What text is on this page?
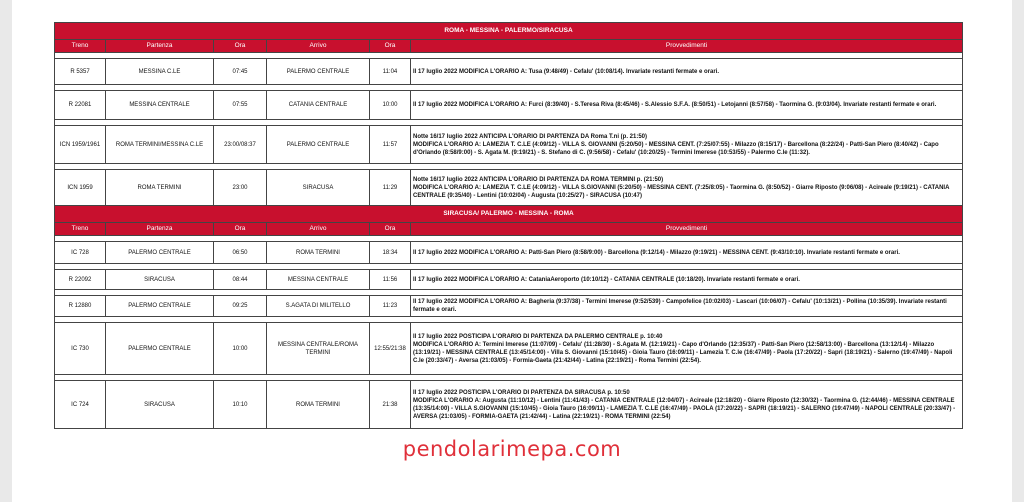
ROMA - MESSINA - PALERMO/SIRACUSA					
Treno	Partenza	Ora	Arrivo	Ora	Provvedimenti

R 5357	MESSINA C.LE	07:45	PALERMO CENTRALE	11:04	Il 17 luglio 2022 MODIFICA L'ORARIO A: Tusa (9:48/49) - Cefalu' (10:08/14). Invariate restanti fermate e orari.

R 22081	MESSINA CENTRALE	07:55	CATANIA CENTRALE	10:00	Il 17 luglio 2022 MODIFICA L'ORARIO A: Furci (8:39/40) - S.Teresa Riva (8:45/46) - S.Alessio S.F.A. (8:50/51) - Letojanni (8:57/58) - Taormina G. (9:03/04). Invariate restanti fermate e orari.

ICN 1959/1961	ROMA TERMINI/MESSINA C.LE	23:00/08:37	PALERMO CENTRALE	11:57	Notte 16/17 luglio 2022 ANTICIPA L'ORARIO DI PARTENZA DA Roma T.ni (p. 21:50)
MODIFICA L'ORARIO A: LAMEZIA T. C.LE (4:09/12) - VILLA S. GIOVANNI (5:20/50) - MESSINA CENT. (7:25/07:55) - Milazzo (8:15/17) - Barcellona (8:22/24) - Patti-San Piero (8:40/42) - Capo d'Orlando (8:58/9:00) - S. Agata M. (9:19/21) - S. Stefano di C. (9:56/58) - Cefalu' (10:20/25) - Termini Imerese (10:53/55) - Palermo C.le (11:32).

ICN 1959	ROMA TERMINI	23:00	SIRACUSA	11:29	Notte 16/17 luglio 2022 ANTICIPA L'ORARIO DI PARTENZA DA ROMA TERMINI p. (21:50)
MODIFICA L'ORARIO A: LAMEZIA T. C.LE (4:09/12) - VILLA S.GIOVANNI (5:20/50) - MESSINA CENT. (7:25/8:05) - Taormina G. (8:50/52) - Giarre Riposto (9:06/08) - Acireale (9:19/21) - CATANIA CENTRALE (9:35/40) - Lentini (10:02/04) - Augusta (10:25/27) - SIRACUSA (10:47)

SIRACUSA/ PALERMO - MESSINA - ROMA					
Treno	Partenza	Ora	Arrivo	Ora	Provvedimenti

IC 728	PALERMO CENTRALE	06:50	ROMA TERMINI	18:34	Il 17 luglio 2022 MODIFICA L'ORARIO A: Patti-San Piero (8:58/9:00) - Barcellona (9:12/14) - Milazzo (9:19/21) - MESSINA CENT. (9:43/10:10). Invariate restanti fermate e orari.

R 22092	SIRACUSA	08:44	MESSINA CENTRALE	11:56	Il 17 luglio 2022 MODIFICA L'ORARIO A: CataniaAeroporto (10:10/12) - CATANIA CENTRALE (10:18/20). Invariate restanti fermate e orari.

R 12880	PALERMO CENTRALE	09:25	S.AGATA DI MILITELLO	11:23	Il 17 luglio 2022 MODIFICA L'ORARIO A: Bagheria (9:37/38) - Termini Imerese (9:52/539) - Campofelice (10:02/03) - Lascari (10:06/07) - Cefalu' (10:13/21) - Pollina (10:35/39). Invariate restanti fermate e orari.

IC 730	PALERMO CENTRALE	10:00	MESSINA CENTRALE/ROMA TERMINI	12:55/21:38	Il 17 luglio 2022 POSTICIPA L'ORARIO DI PARTENZA DA PALERMO CENTRALE p. 10:40
MODIFICA L'ORARIO A: Termini Imerese (11:07/09) - Cefalu' (11:28/30) - S.Agata M. (12:19/21) - Capo d'Orlando (12:35/37) - Patti-San Piero (12:58/13:00) - Barcellona (13:12/14) - Milazzo (13:19/21) - MESSINA CENTRALE (13:45/14:00) - Villa S. Giovanni (15:10/45) - Gioia Tauro (16:09/11) - Lamezia T. C.le (16:47/49) - Paola (17:20/22) - Sapri (18:19/21) - Salerno (19:47/49) - Napoli C.le (20:33/47) - Aversa (21:03/05) - Formia-Gaeta (21:42/44) - Latina (22:19/21) - Roma Termini (22:54).

IC 724	SIRACUSA	10:10	ROMA TERMINI	21:38	Il 17 luglio 2022 POSTICIPA L'ORARIO DI PARTENZA DA SIRACUSA p. 10:50
MODIFICA L'ORARIO A: Augusta (11:10/12) - Lentini (11:41/43) - CATANIA CENTRALE (12:04/07) - Acireale (12:18/20) - Giarre Riposto (12:30/32) - Taormina G. (12:44/46) - MESSINA CENTRALE (13:35/14:00) - VILLA S.GIOVANNI (15:10/45) - Gioia Tauro (16:09/11) - LAMEZIA T. C.LE (16:47/49) - PAOLA (17:20/22) - SAPRI (18:19/21) - SALERNO (19:47/49) - NAPOLI CENTRALE (20:33/47) - AVERSA (21:03/05) - FORMIA-GAETA (21:42/44) - Latina (22:19/21) - ROMA TERMINI (22:54)
pendolarimepa.com
